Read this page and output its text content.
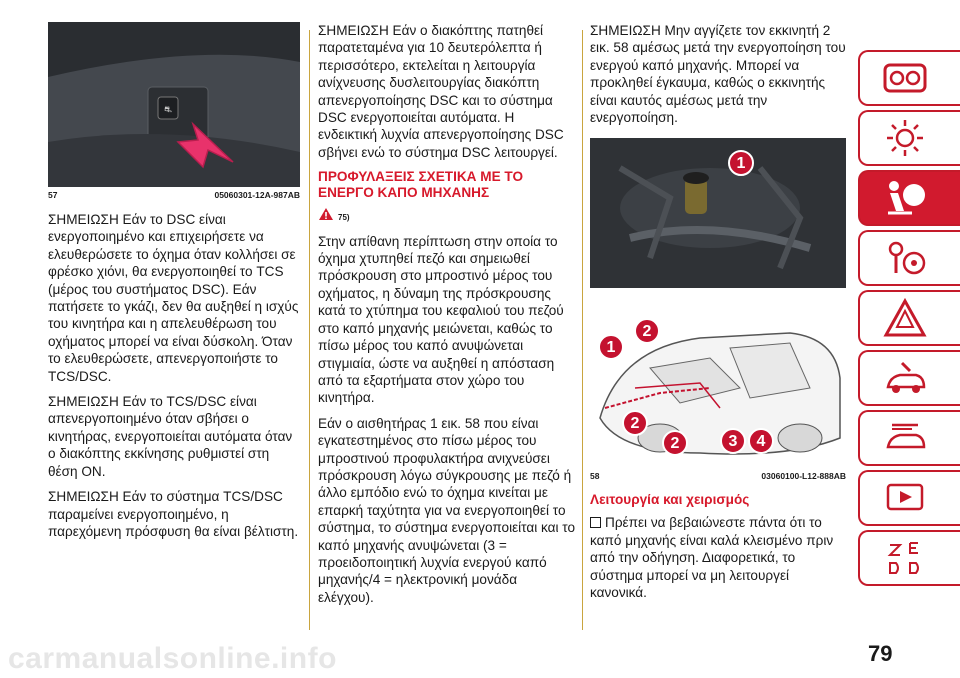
⛐
57	05060301-12A-987AB

ΣΗΜΕΙΩΣΗ Εάν το DSC είναι ενεργοποιημένο και επιχειρήσετε να ελευθερώσετε το όχημα όταν κολλήσει σε φρέσκο χιόνι, θα ενεργοποιηθεί το TCS (μέρος του συστήματος DSC). Εάν πατήσετε το γκάζι, δεν θα αυξηθεί η ισχύς του κινητήρα και η απελευθέρωση του οχήματος μπορεί να είναι δύσκολη. Όταν το ελευθερώσετε, απενεργοποιήστε το TCS/DSC.

ΣΗΜΕΙΩΣΗ Εάν το TCS/DSC είναι απενεργοποιημένο όταν σβήσει ο κινητήρας, ενεργοποιείται αυτόματα όταν ο διακόπτης εκκίνησης ρυθμιστεί στη θέση ON.

ΣΗΜΕΙΩΣΗ Εάν το σύστημα TCS/DSC παραμείνει ενεργοποιημένο, η παρεχόμενη πρόσφυση θα είναι βέλτιστη.

ΣΗΜΕΙΩΣΗ Εάν ο διακόπτης πατηθεί παρατεταμένα για 10 δευτερόλεπτα ή περισσότερο, εκτελείται η λειτουργία ανίχνευσης δυσλειτουργίας διακόπτη απενεργοποίησης DSC και το σύστημα DSC ενεργοποιείται αυτόματα. Η ενδεικτική λυχνία απενεργοποίησης DSC σβήνει ενώ το σύστημα DSC λειτουργεί.

ΠΡΟΦΥΛΑΞΕΙΣ ΣΧΕΤΙΚΑ ΜΕ ΤΟ ΕΝΕΡΓΟ ΚΑΠΟ ΜΗΧΑΝΗΣ
75)

Στην απίθανη περίπτωση στην οποία το όχημα χτυπηθεί πεζό και σημειωθεί πρόσκρουση στο μπροστινό μέρος του οχήματος, η δύναμη της πρόσκρουσης κατά το χτύπημα του κεφαλιού του πεζού στο καπό μηχανής μειώνεται, καθώς το πίσω μέρος του καπό ανυψώνεται στιγμιαία, ώστε να αυξηθεί η απόσταση από τα εξαρτήματα στον χώρο του κινητήρα.

Εάν ο αισθητήρας 1 εικ. 58 που είναι εγκατεστημένος στο πίσω μέρος του μπροστινού προφυλακτήρα ανιχνεύσει πρόσκρουση λόγω σύγκρουσης με πεζό ή άλλο εμπόδιο ενώ το όχημα κινείται με επαρκή ταχύτητα για να ενεργοποιηθεί το σύστημα, το σύστημα ενεργοποιείται και το καπό μηχανής ανυψώνεται (3 = προειδοποιητική λυχνία ενεργού καπό μηχανής/4 = ηλεκτρονική μονάδα ελέγχου).

ΣΗΜΕΙΩΣΗ Μην αγγίζετε τον εκκινητή 2 εικ. 58 αμέσως μετά την ενεργοποίηση του ενεργού καπό μηχανής. Μπορεί να προκληθεί έγκαυμα, καθώς ο εκκινητής είναι καυτός αμέσως μετά την ενεργοποίηση.

1
1
2
2
2
3	4
58	03060100-L12-888AB
Λειτουργία και χειρισμός

Πρέπει να βεβαιώνεστε πάντα ότι το καπό μηχανής είναι καλά κλεισμένο πριν από την οδήγηση. Διαφορετικά, το σύστημα μπορεί να μη λειτουργεί κανονικά.

carmanualsonline.info	79
